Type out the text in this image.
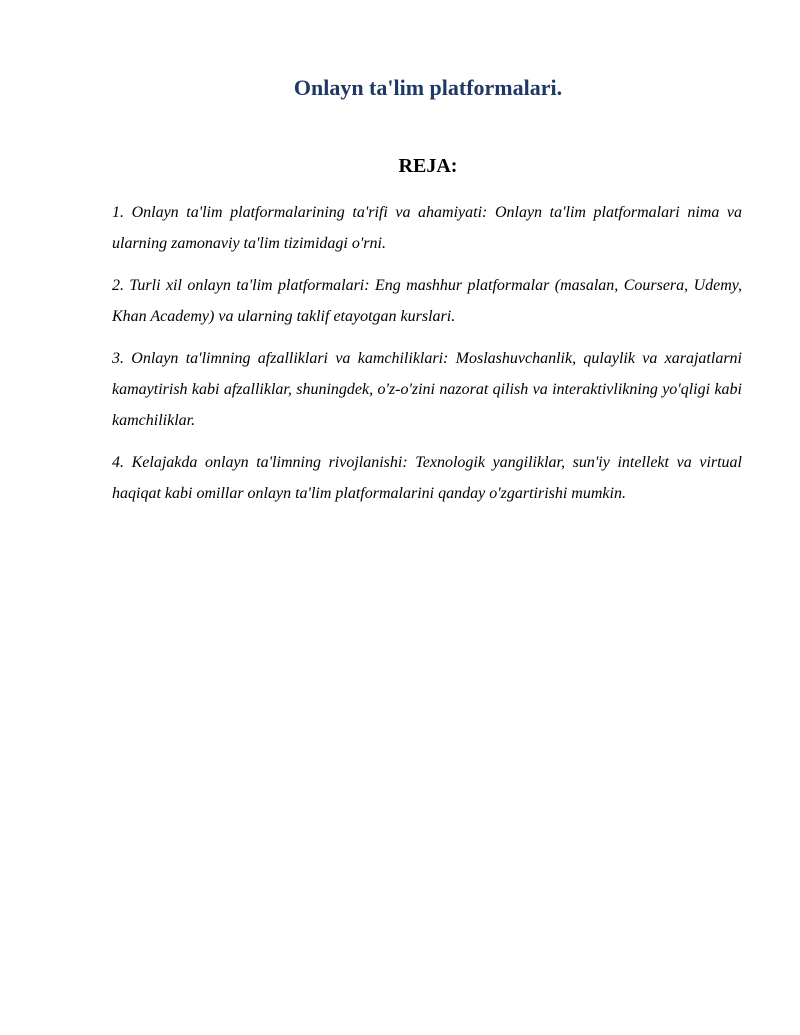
Onlayn ta'lim platformalari.
REJA:
1. Onlayn ta'lim platformalarining ta'rifi va ahamiyati: Onlayn ta'lim platformalari nima va ularning zamonaviy ta'lim tizimidagi o'rni.
2. Turli xil onlayn ta'lim platformalari: Eng mashhur platformalar (masalan, Coursera, Udemy, Khan Academy) va ularning taklif etayotgan kurslari.
3. Onlayn ta'limning afzalliklari va kamchiliklari: Moslashuvchanlik, qulaylik va xarajatlarni kamaytirish kabi afzalliklar, shuningdek, o'z-o'zini nazorat qilish va interaktivlikning yo'qligi kabi kamchiliklar.
4. Kelajakda onlayn ta'limning rivojlanishi: Texnologik yangiliklar, sun'iy intellekt va virtual haqiqat kabi omillar onlayn ta'lim platformalarini qanday o'zgartirishi mumkin.
